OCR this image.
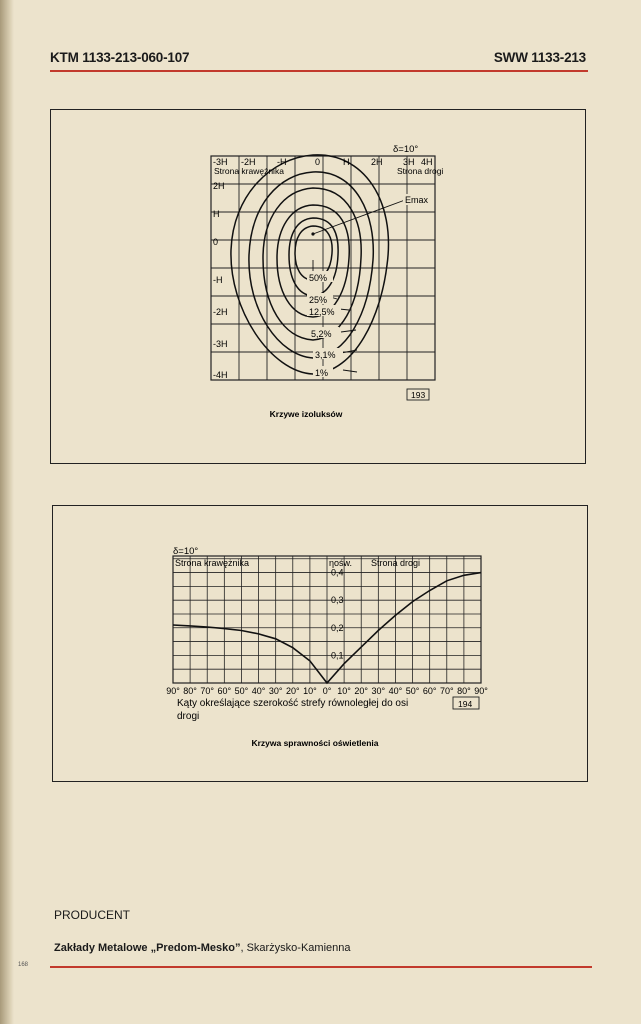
KTM 1133-213-060-107	SWW 1133-213
50%
25%
12,5%
5,2%
3,1%
1%
-3H -2H -H	0	H 2H 3H 4H
2H
H
0
-H
-2H
-3H
-4H
δ=10°
Strona krawężnika	Strona drogi
Emax
193
Krzywe izoluksów
90° 80° 70° 60° 50° 40° 30° 20° 10° 0° 10° 20° 30° 40° 50° 60° 70° 80° 90°
0,1
0,2
0,3
0,4
δ=10°
Strona krawężnika	ηośw. Strona drogi
Kąty określające szerokość strefy równoległej do osi
drogi
194
Krzywa sprawności oświetlenia
PRODUCENT
Zakłady Metalowe „Predom-Mesko”, Skarżysko-Kamienna
168
